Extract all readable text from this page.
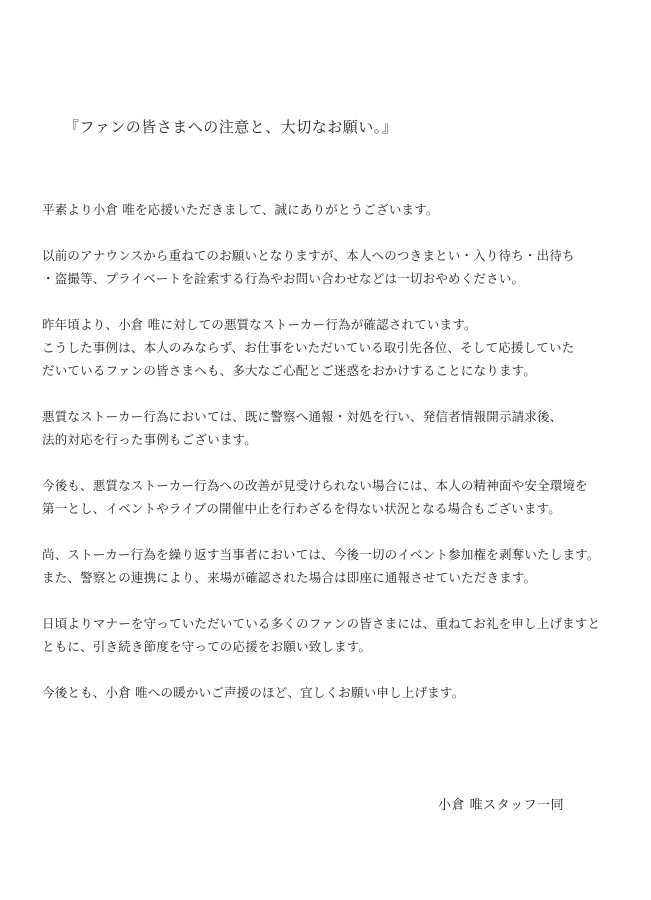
『ファンの皆さまへの注意と、大切なお願い。』

平素より小倉 唯を応援いただきまして、誠にありがとうございます。

以前のアナウンスから重ねてのお願いとなりますが、本人へのつきまとい・入り待ち・出待ち
・盗撮等、プライベートを詮索する行為やお問い合わせなどは一切おやめください。

昨年頃より、小倉 唯に対しての悪質なストーカー行為が確認されています。
こうした事例は、本人のみならず、お仕事をいただいている取引先各位、そして応援していた
だいているファンの皆さまへも、多大なご心配とご迷惑をおかけすることになります。

悪質なストーカー行為においては、既に警察へ通報・対処を行い、発信者情報開示請求後、
法的対応を行った事例もございます。

今後も、悪質なストーカー行為への改善が見受けられない場合には、本人の精神面や安全環境を
第一とし、イベントやライブの開催中止を行わざるを得ない状況となる場合もございます。

尚、ストーカー行為を繰り返す当事者においては、今後一切のイベント参加権を剥奪いたします。
また、警察との連携により、来場が確認された場合は即座に通報させていただきます。

日頃よりマナーを守っていただいている多くのファンの皆さまには、重ねてお礼を申し上げますと
ともに、引き続き節度を守っての応援をお願い致します。

今後とも、小倉 唯への暖かいご声援のほど、宜しくお願い申し上げます。

小倉 唯スタッフ一同
